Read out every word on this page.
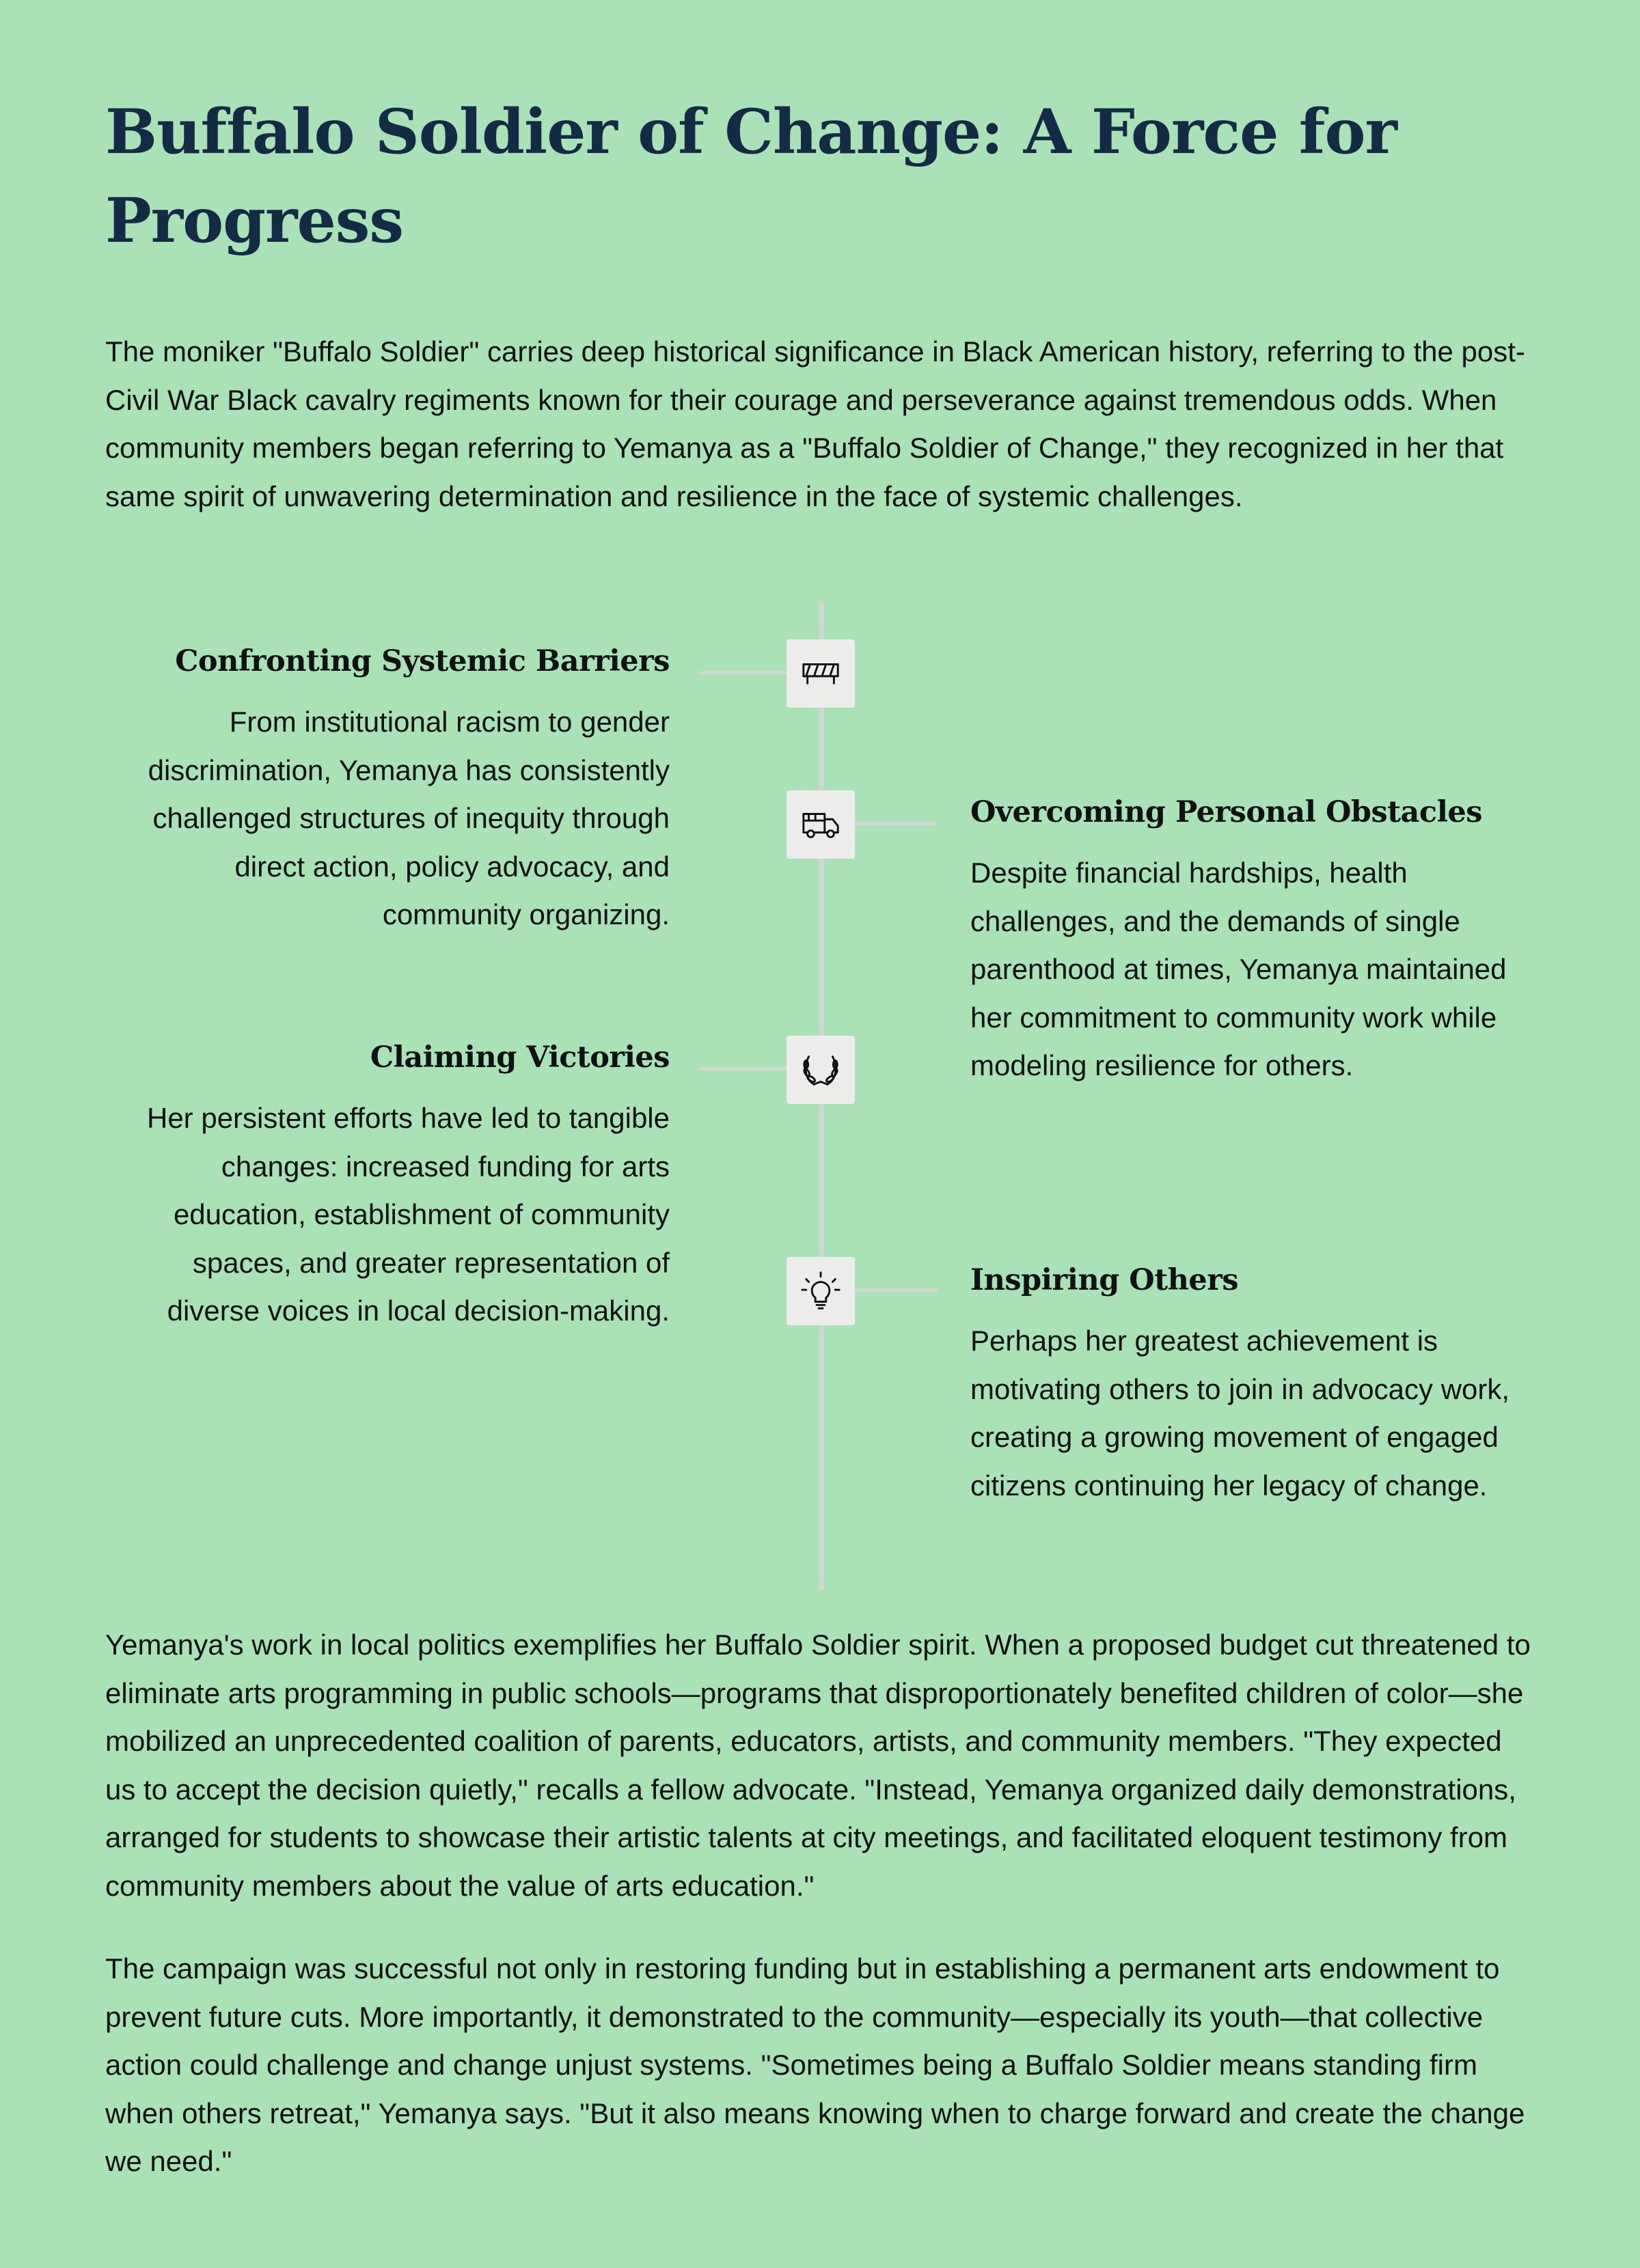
Buffalo Soldier of Change: A Force for Progress

The moniker "Buffalo Soldier" carries deep historical significance in Black American history, referring to the post-Civil War Black cavalry regiments known for their courage and perseverance against tremendous odds. When community members began referring to Yemanya as a "Buffalo Soldier of Change," they recognized in her that same spirit of unwavering determination and resilience in the face of systemic challenges.

Confronting Systemic Barriers

From institutional racism to gender discrimination, Yemanya has consistently challenged structures of inequity through direct action, policy advocacy, and community organizing.

Overcoming Personal Obstacles

Despite financial hardships, health challenges, and the demands of single parenthood at times, Yemanya maintained her commitment to community work while modeling resilience for others.

Claiming Victories

Her persistent efforts have led to tangible changes: increased funding for arts education, establishment of community spaces, and greater representation of diverse voices in local decision-making.

Inspiring Others

Perhaps her greatest achievement is motivating others to join in advocacy work, creating a growing movement of engaged citizens continuing her legacy of change.

Yemanya's work in local politics exemplifies her Buffalo Soldier spirit. When a proposed budget cut threatened to eliminate arts programming in public schools—programs that disproportionately benefited children of color—she mobilized an unprecedented coalition of parents, educators, artists, and community members. "They expected us to accept the decision quietly," recalls a fellow advocate. "Instead, Yemanya organized daily demonstrations, arranged for students to showcase their artistic talents at city meetings, and facilitated eloquent testimony from community members about the value of arts education."

The campaign was successful not only in restoring funding but in establishing a permanent arts endowment to prevent future cuts. More importantly, it demonstrated to the community—especially its youth—that collective action could challenge and change unjust systems. "Sometimes being a Buffalo Soldier means standing firm when others retreat," Yemanya says. "But it also means knowing when to charge forward and create the change we need."
